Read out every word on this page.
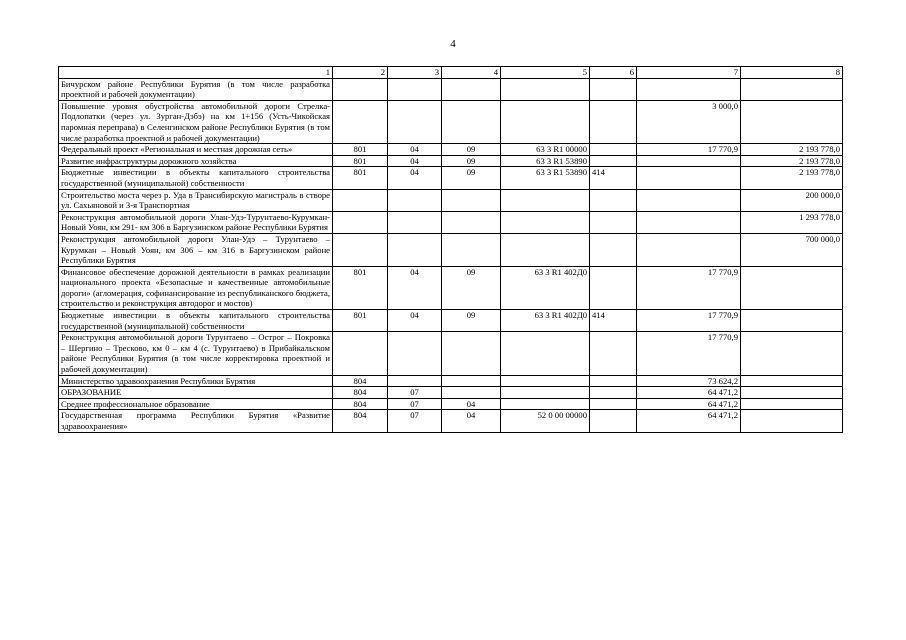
4
1	2	3	4	5	6	7	8
Бичурском районе Республики Бурятия (в том числе разработка проектной и рабочей документации)							
Повышение уровня обустройства автомобильной дороги Стрелка-Подлопатки (через ул. Зурган-Дэбэ) на км 1+156 (Усть-Чикойская паромная переправа) в Селенгинском районе Республики Бурятия (в том числе разработка проектной и рабочей документации)						3 000,0	
Федеральный проект «Региональная и местная дорожная сеть»	801	04	09	63 3 R1 00000		17 770,9	2 193 778,0
Развитие инфраструктуры дорожного хозяйства	801	04	09	63 3 R1 53890			2 193 778,0
Бюджетные инвестиции в объекты капитального строительства государственной (муниципальной) собственности	801	04	09	63 3 R1 53890	414		2 193 778,0
Строительство моста через р. Уда в Трансибирскую магистраль в створе ул. Сахьяновой и 3-я Транспортная							200 000,0
Реконструкция автомобильной дороги Улан-Удэ-Турунтаево-Курумкан-Новый Уоян, км 291- км 306 в Баргузинском районе Республики Бурятия							1 293 778,0
Реконструкция автомобильной дороги Улан-Удэ – Турунтаево – Курумкан – Новый Уоян, км 306 – км 316 в Баргузинском районе Республики Бурятия							700 000,0
Финансовое обеспечение дорожной деятельности в рамках реализации национального проекта «Безопасные и качественные автомобильные дороги» (агломерация, софинансирование из республиканского бюджета, строительство и реконструкция автодорог и мостов)	801	04	09	63 3 R1 402Д0		17 770,9	
Бюджетные инвестиции в объекты капитального строительства государственной (муниципальной) собственности	801	04	09	63 3 R1 402Д0	414	17 770,9	
Реконструкция автомобильной дороги Турунтаево – Острог – Покровка – Шергино – Тресково, км 0 – км 4 (с. Турунтаево) в Прибайкальском районе Республики Бурятия (в том числе корректировка проектной и рабочей документации)						17 770,9	
Министерство здравоохранения Республики Бурятия	804					73 624,2	
ОБРАЗОВАНИЕ	804	07				64 471,2	
Среднее профессиональное образование	804	07	04			64 471,2	
Государственная программа Республики Бурятия «Развитие здравоохранения»	804	07	04	52 0 00 00000		64 471,2	
